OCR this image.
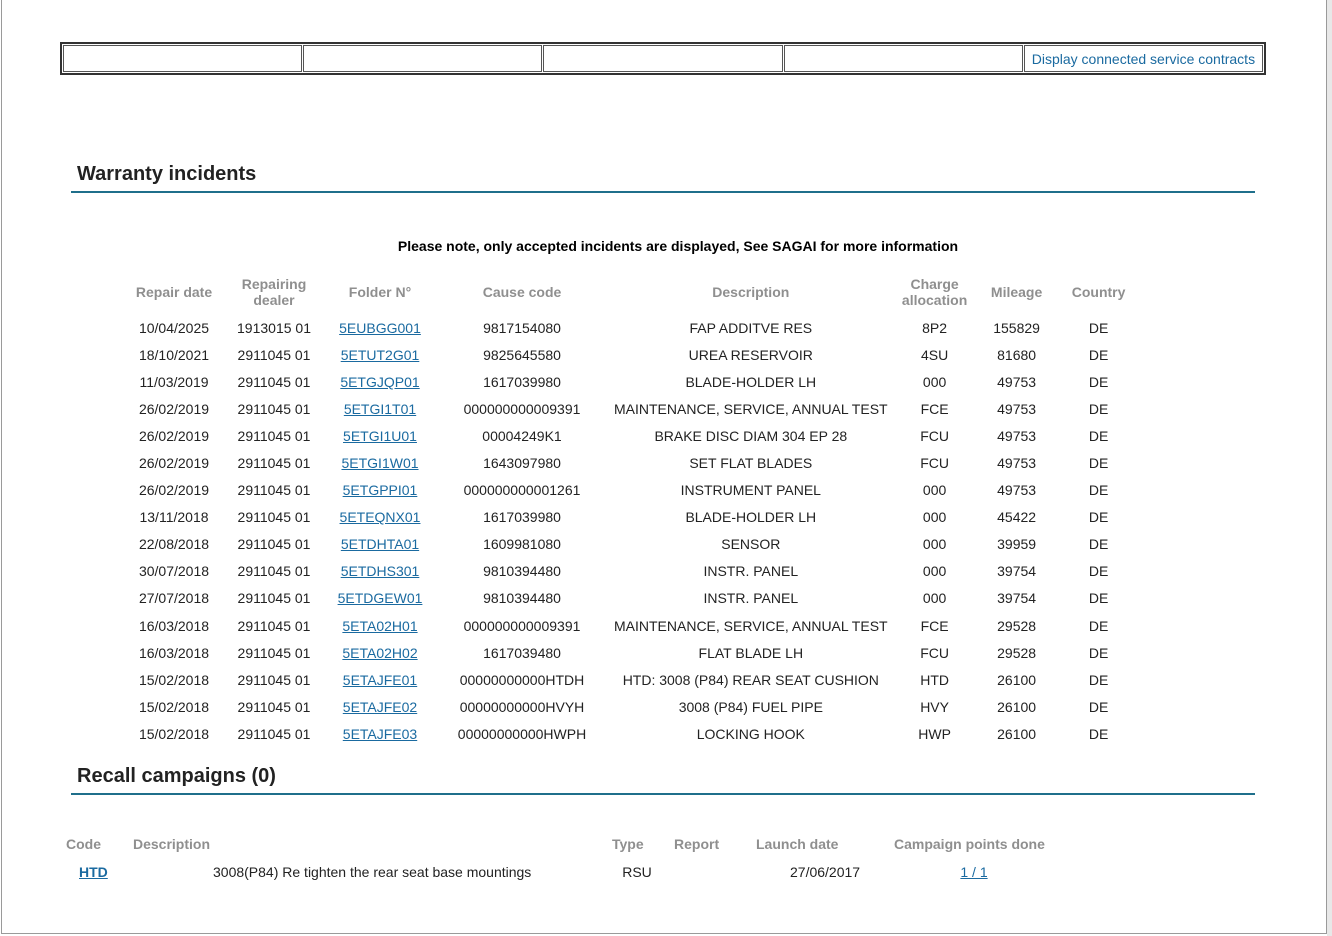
Display connected service contracts
Warranty incidents
Please note, only accepted incidents are displayed, See SAGAI for more information
Repair date	Repairing dealer	Folder N°	Cause code	Description	Charge allocation	Mileage	Country
10/04/2025	1913015 01	5EUBGG001	9817154080	FAP ADDITVE RES	8P2	155829	DE
18/10/2021	2911045 01	5ETUT2G01	9825645580	UREA RESERVOIR	4SU	81680	DE
11/03/2019	2911045 01	5ETGJQP01	1617039980	BLADE-HOLDER LH	000	49753	DE
26/02/2019	2911045 01	5ETGI1T01	000000000009391	MAINTENANCE, SERVICE, ANNUAL TEST	FCE	49753	DE
26/02/2019	2911045 01	5ETGI1U01	00004249K1	BRAKE DISC DIAM 304 EP 28	FCU	49753	DE
26/02/2019	2911045 01	5ETGI1W01	1643097980	SET FLAT BLADES	FCU	49753	DE
26/02/2019	2911045 01	5ETGPPI01	000000000001261	INSTRUMENT PANEL	000	49753	DE
13/11/2018	2911045 01	5ETEQNX01	1617039980	BLADE-HOLDER LH	000	45422	DE
22/08/2018	2911045 01	5ETDHTA01	1609981080	SENSOR	000	39959	DE
30/07/2018	2911045 01	5ETDHS301	9810394480	INSTR. PANEL	000	39754	DE
27/07/2018	2911045 01	5ETDGEW01	9810394480	INSTR. PANEL	000	39754	DE
16/03/2018	2911045 01	5ETA02H01	000000000009391	MAINTENANCE, SERVICE, ANNUAL TEST	FCE	29528	DE
16/03/2018	2911045 01	5ETA02H02	1617039480	FLAT BLADE LH	FCU	29528	DE
15/02/2018	2911045 01	5ETAJFE01	00000000000HTDH	HTD: 3008 (P84) REAR SEAT CUSHION	HTD	26100	DE
15/02/2018	2911045 01	5ETAJFE02	00000000000HVYH	3008 (P84) FUEL PIPE	HVY	26100	DE
15/02/2018	2911045 01	5ETAJFE03	00000000000HWPH	LOCKING HOOK	HWP	26100	DE
Recall campaigns (0)
Code	Description	Type	Report	Launch date	Campaign points done
HTD	3008(P84) Re tighten the rear seat base mountings	RSU		27/06/2017	1 / 1
